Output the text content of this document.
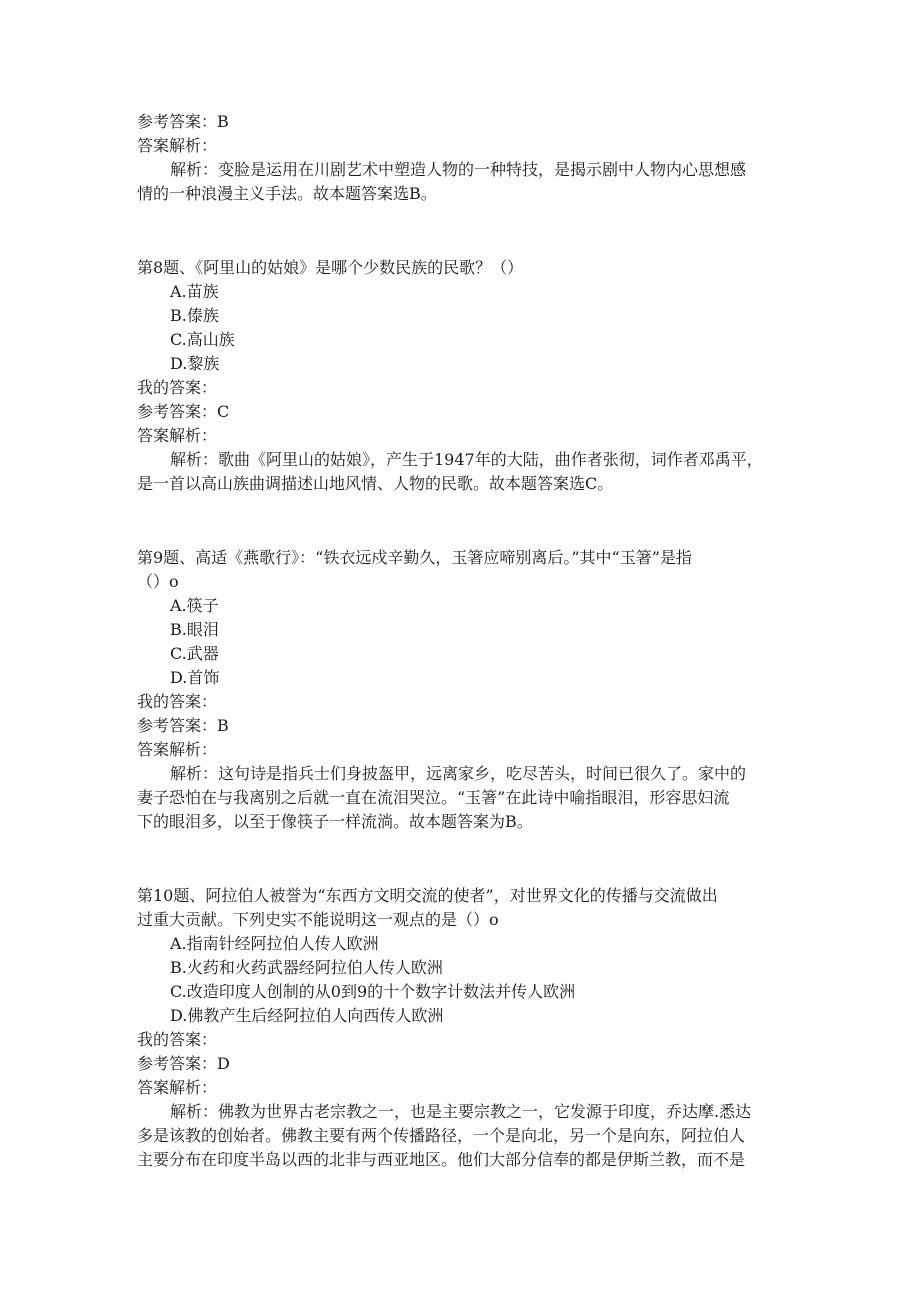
参考答案：B
答案解析：
解析：变脸是运用在川剧艺术中塑造人物的一种特技，是揭示剧中人物内心思想感
情的一种浪漫主义手法。故本题答案选B。
第8题、《阿里山的姑娘》是哪个少数民族的民歌？（）
A.苗族
B.傣族
C.高山族
D.黎族
我的答案：
参考答案：C
答案解析：
解析：歌曲《阿里山的姑娘》，产生于1947年的大陆，曲作者张彻，词作者邓禹平，
是一首以高山族曲调描述山地风情、人物的民歌。故本题答案选C。
第9题、高适《燕歌行》：“铁衣远戍辛勤久，玉箸应啼别离后。”其中“玉箸”是指
（）o
A.筷子
B.眼泪
C.武器
D.首饰
我的答案：
参考答案：B
答案解析：
解析：这句诗是指兵士们身披盔甲，远离家乡，吃尽苦头，时间已很久了。家中的
妻子恐怕在与我离别之后就一直在流泪哭泣。“玉箸”在此诗中喻指眼泪，形容思妇流
下的眼泪多，以至于像筷子一样流淌。故本题答案为B。
第10题、阿拉伯人被誉为“东西方文明交流的使者”，对世界文化的传播与交流做出
过重大贡献。下列史实不能说明这一观点的是（）o
A.指南针经阿拉伯人传人欧洲
B.火药和火药武器经阿拉伯人传人欧洲
C.改造印度人创制的从0到9的十个数字计数法并传人欧洲
D.佛教产生后经阿拉伯人向西传人欧洲
我的答案：
参考答案：D
答案解析：
解析：佛教为世界古老宗教之一，也是主要宗教之一，它发源于印度，乔达摩.悉达
多是该教的创始者。佛教主要有两个传播路径，一个是向北，另一个是向东，阿拉伯人
主要分布在印度半岛以西的北非与西亚地区。他们大部分信奉的都是伊斯兰教，而不是
